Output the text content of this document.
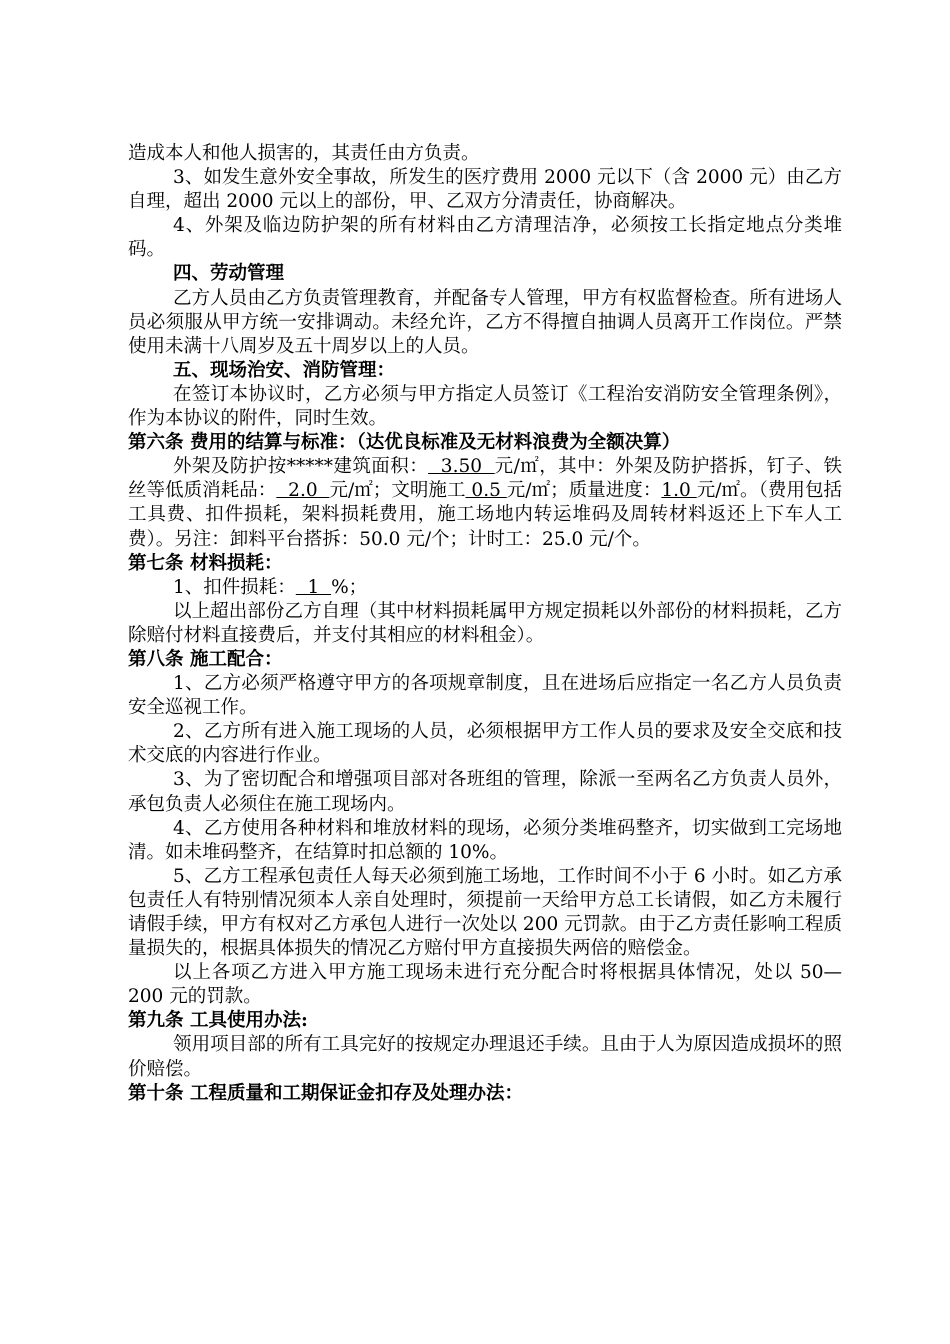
造成本人和他人损害的，其责任由方负责。

3、如发生意外安全事故，所发生的医疗费用 2000 元以下（含 2000 元）由乙方自理，超出 2000 元以上的部份，甲、乙双方分清责任，协商解决。

4、外架及临边防护架的所有材料由乙方清理洁净，必须按工长指定地点分类堆码。

四、劳动管理

乙方人员由乙方负责管理教育，并配备专人管理，甲方有权监督检查。所有进场人员必须服从甲方统一安排调动。未经允许，乙方不得擅自抽调人员离开工作岗位。严禁使用未满十八周岁及五十周岁以上的人员。

五、现场治安、消防管理：

在签订本协议时，乙方必须与甲方指定人员签订《工程治安消防安全管理条例》，作为本协议的附件，同时生效。

第六条 费用的结算与标准：（达优良标准及无材料浪费为全额决算）

外架及防护按*****建筑面积：  3.50  元/㎡，其中：外架及防护搭拆，钉子、铁丝等低质消耗品：  2.0  元/㎡；文明施工 0.5 元/㎡；质量进度：1.0 元/㎡。（费用包括工具费、扣件损耗，架料损耗费用，施工场地内转运堆码及周转材料返还上下车人工费）。另注：卸料平台搭拆：50.0 元/个；计时工：25.0 元/个。

第七条 材料损耗：

1、扣件损耗：  1  %；

以上超出部份乙方自理（其中材料损耗属甲方规定损耗以外部份的材料损耗，乙方除赔付材料直接费后，并支付其相应的材料租金）。

第八条 施工配合：

1、乙方必须严格遵守甲方的各项规章制度，且在进场后应指定一名乙方人员负责安全巡视工作。

2、乙方所有进入施工现场的人员，必须根据甲方工作人员的要求及安全交底和技术交底的内容进行作业。

3、为了密切配合和增强项目部对各班组的管理，除派一至两名乙方负责人员外，承包负责人必须住在施工现场内。

4、乙方使用各种材料和堆放材料的现场，必须分类堆码整齐，切实做到工完场地清。如未堆码整齐，在结算时扣总额的 10%。

5、乙方工程承包责任人每天必须到施工场地，工作时间不小于 6 小时。如乙方承包责任人有特别情况须本人亲自处理时，须提前一天给甲方总工长请假，如乙方未履行请假手续，甲方有权对乙方承包人进行一次处以 200 元罚款。由于乙方责任影响工程质量损失的，根据具体损失的情况乙方赔付甲方直接损失两倍的赔偿金。

以上各项乙方进入甲方施工现场未进行充分配合时将根据具体情况，处以 50—200 元的罚款。

第九条 工具使用办法:

领用项目部的所有工具完好的按规定办理退还手续。且由于人为原因造成损坏的照价赔偿。

第十条 工程质量和工期保证金扣存及处理办法：
